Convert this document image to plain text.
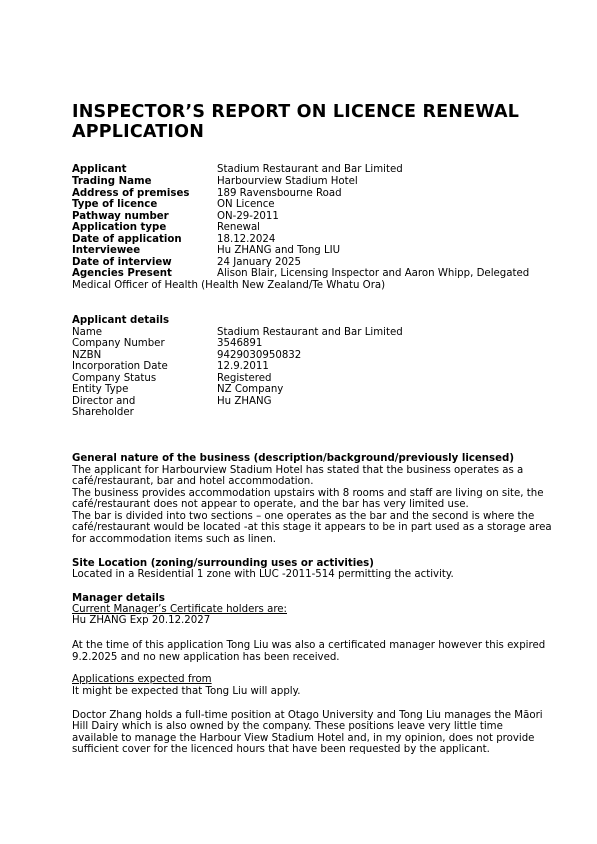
INSPECTOR’S REPORT ON LICENCE RENEWAL APPLICATION
Applicant	Stadium Restaurant and Bar Limited
Trading Name	Harbourview Stadium Hotel
Address of premises	189 Ravensbourne Road
Type of licence	ON Licence
Pathway number	ON-29-2011
Application type	Renewal
Date of application	18.12.2024
Interviewee	Hu ZHANG and Tong LIU
Date of interview	24 January 2025
Agencies Present	Alison Blair, Licensing Inspector and Aaron Whipp, Delegated
Medical Officer of Health (Health New Zealand/Te Whatu Ora)
Applicant details
Name	Stadium Restaurant and Bar Limited
Company Number	3546891
NZBN	9429030950832
Incorporation Date	12.9.2011
Company Status	Registered
Entity Type	NZ Company
Director and	Hu ZHANG
Shareholder
General nature of the business (description/background/previously licensed)
The applicant for Harbourview Stadium Hotel has stated that the business operates as a
café/restaurant, bar and hotel accommodation.
The business provides accommodation upstairs with 8 rooms and staff are living on site, the
café/restaurant does not appear to operate, and the bar has very limited use.
The bar is divided into two sections – one operates as the bar and the second is where the
café/restaurant would be located -at this stage it appears to be in part used as a storage area
for accommodation items such as linen.
Site Location (zoning/surrounding uses or activities)
Located in a Residential 1 zone with LUC -2011-514 permitting the activity.
Manager details
Current Manager’s Certificate holders are:
Hu ZHANG Exp 20.12.2027
At the time of this application Tong Liu was also a certificated manager however this expired
9.2.2025 and no new application has been received.
Applications expected from
It might be expected that Tong Liu will apply.
Doctor Zhang holds a full-time position at Otago University and Tong Liu manages the Māori
Hill Dairy which is also owned by the company. These positions leave very little time
available to manage the Harbour View Stadium Hotel and, in my opinion, does not provide
sufficient cover for the licenced hours that have been requested by the applicant.
